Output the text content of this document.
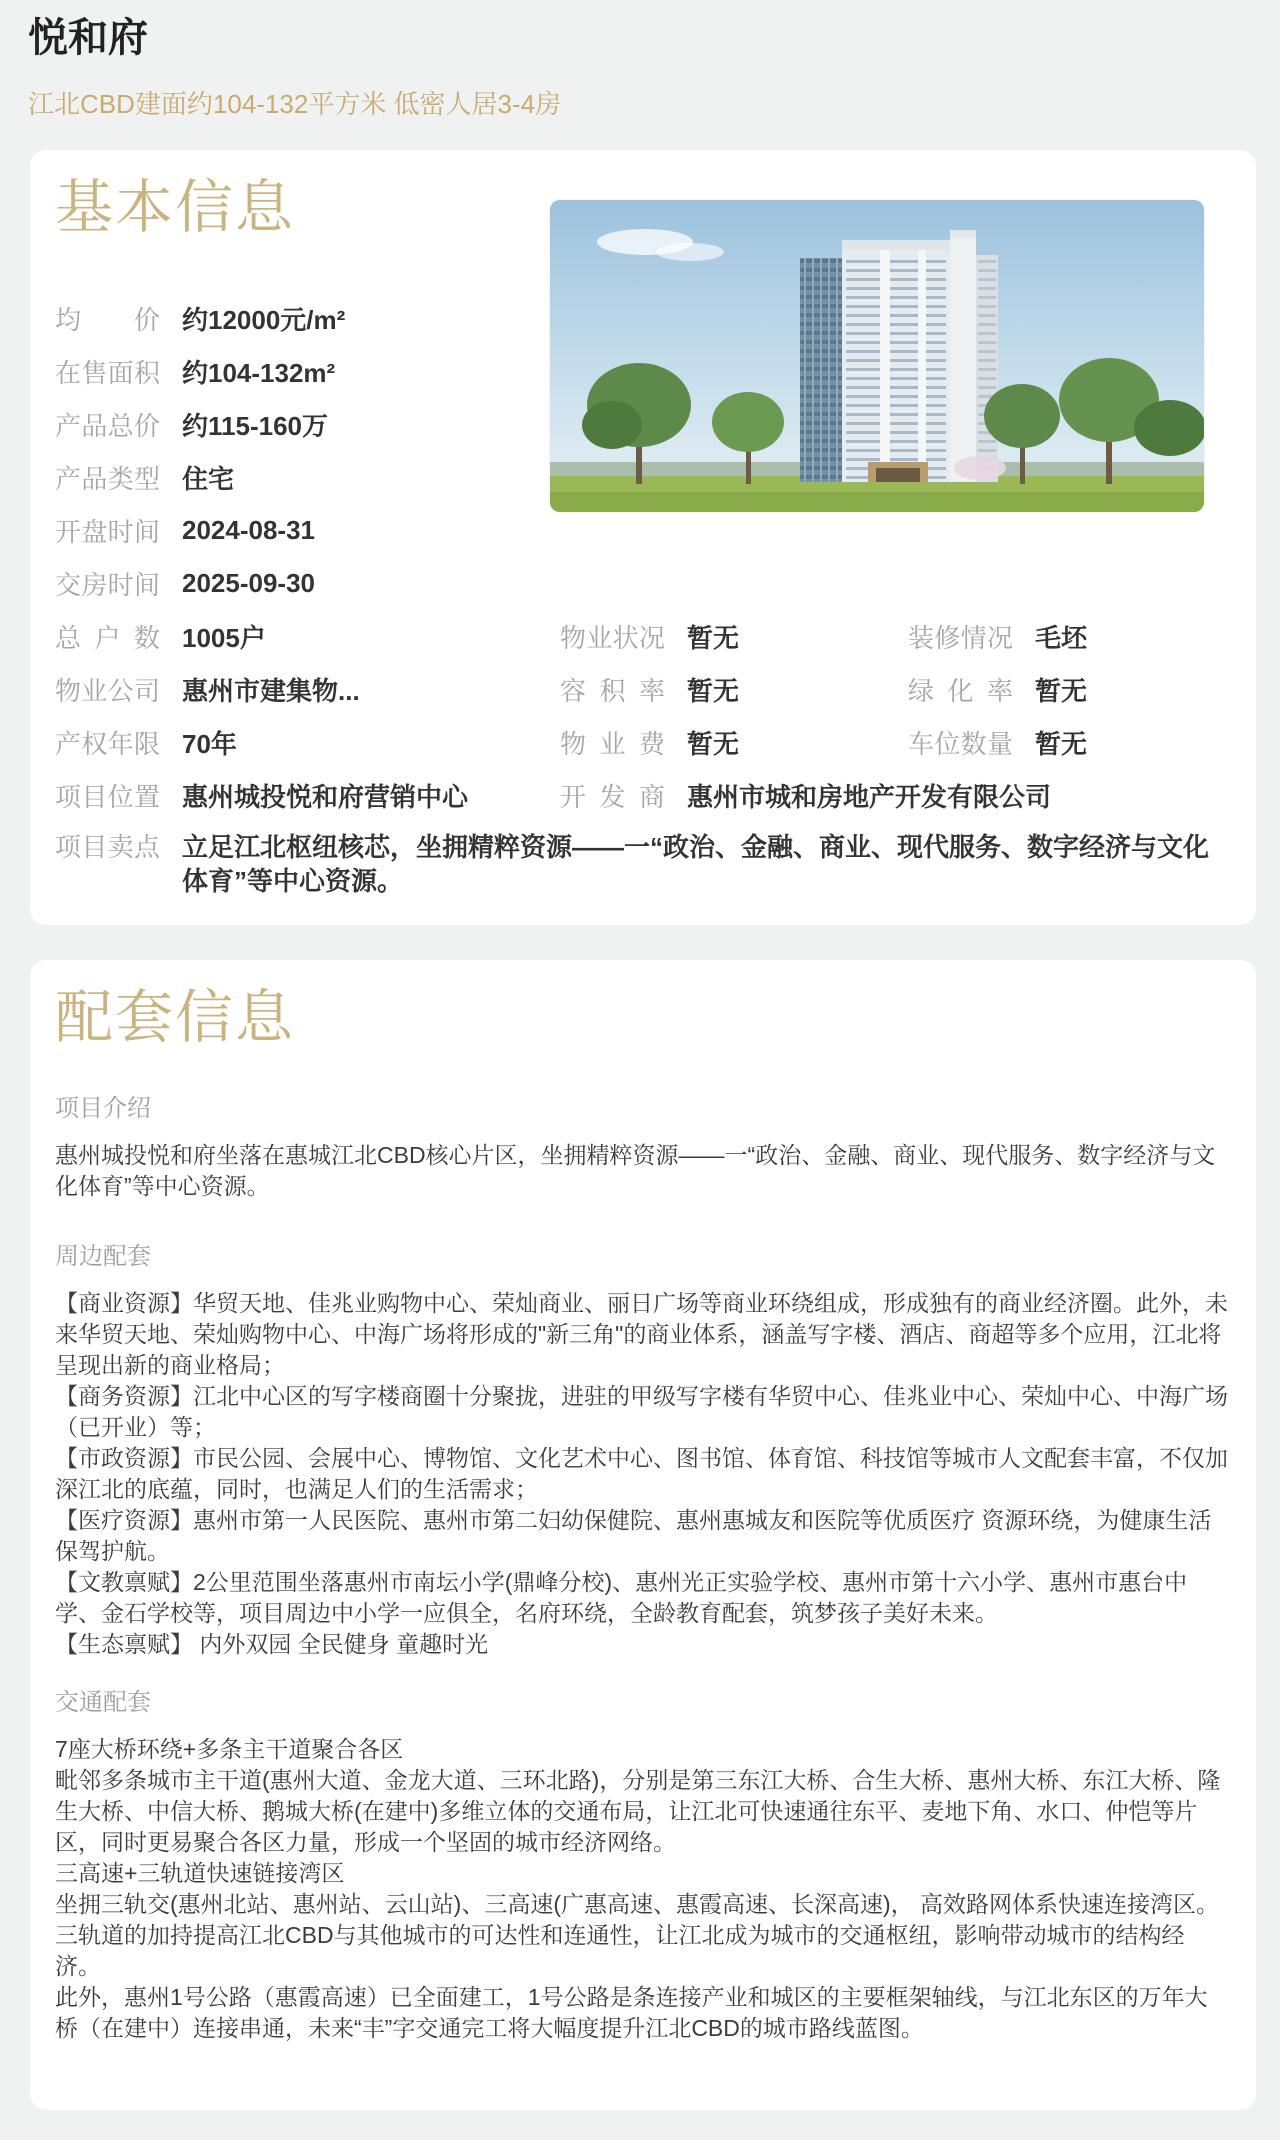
悦和府
江北CBD建面约104-132平方米 低密人居3-4房
基本信息
均价 约12000元/m²
在售面积 约104-132m²
产品总价 约115-160万
产品类型 住宅
开盘时间 2024-08-31
交房时间 2025-09-30
总户数 1005户	物业状况 暂无	装修情况 毛坯
物业公司 惠州市建集物...	容积率 暂无	绿化率 暂无
产权年限 70年	物业费 暂无	车位数量 暂无
项目位置 惠州城投悦和府营销中心	开发商 惠州市城和房地产开发有限公司
项目卖点 立足江北枢纽核芯，坐拥精粹资源——一“政治、金融、商业、现代服务、数字经济与文化体育”等中心资源。
配套信息
项目介绍
惠州城投悦和府坐落在惠城江北CBD核心片区，坐拥精粹资源——一“政治、金融、商业、现代服务、数字经济与文化体育”等中心资源。
周边配套

【商业资源】华贸天地、佳兆业购物中心、荣灿商业、丽日广场等商业环绕组成，形成独有的商业经济圈。此外，未来华贸天地、荣灿购物中心、中海广场将形成的"新三角"的商业体系，涵盖写字楼、酒店、商超等多个应用，江北将呈现出新的商业格局；

【商务资源】江北中心区的写字楼商圈十分聚拢，进驻的甲级写字楼有华贸中心、佳兆业中心、荣灿中心、中海广场（已开业）等；

【市政资源】市民公园、会展中心、博物馆、文化艺术中心、图书馆、体育馆、科技馆等城市人文配套丰富，不仅加深江北的底蕴，同时，也满足人们的生活需求；

【医疗资源】惠州市第一人民医院、惠州市第二妇幼保健院、惠州惠城友和医院等优质医疗 资源环绕，为健康生活保驾护航。

【文教禀赋】2公里范围坐落惠州市南坛小学(鼎峰分校)、惠州光正实验学校、惠州市第十六小学、惠州市惠台中学、金石学校等，项目周边中小学一应俱全，名府环绕，全龄教育配套，筑梦孩子美好未来。

【生态禀赋】 内外双园 全民健身 童趣时光

交通配套

7座大桥环绕+多条主干道聚合各区

毗邻多条城市主干道(惠州大道、金龙大道、三环北路)，分别是第三东江大桥、合生大桥、惠州大桥、东江大桥、隆生大桥、中信大桥、鹅城大桥(在建中)多维立体的交通布局，让江北可快速通往东平、麦地下角、水口、仲恺等片区，同时更易聚合各区力量，形成一个坚固的城市经济网络。

三高速+三轨道快速链接湾区

坐拥三轨交(惠州北站、惠州站、云山站)、三高速(广惠高速、惠霞高速、长深高速)， 高效路网体系快速连接湾区。三轨道的加持提高江北CBD与其他城市的可达性和连通性，让江北成为城市的交通枢纽，影响带动城市的结构经济。

此外，惠州1号公路（惠霞高速）已全面建工，1号公路是条连接产业和城区的主要框架轴线，与江北东区的万年大桥（在建中）连接串通，未来“丰”字交通完工将大幅度提升江北CBD的城市路线蓝图。
